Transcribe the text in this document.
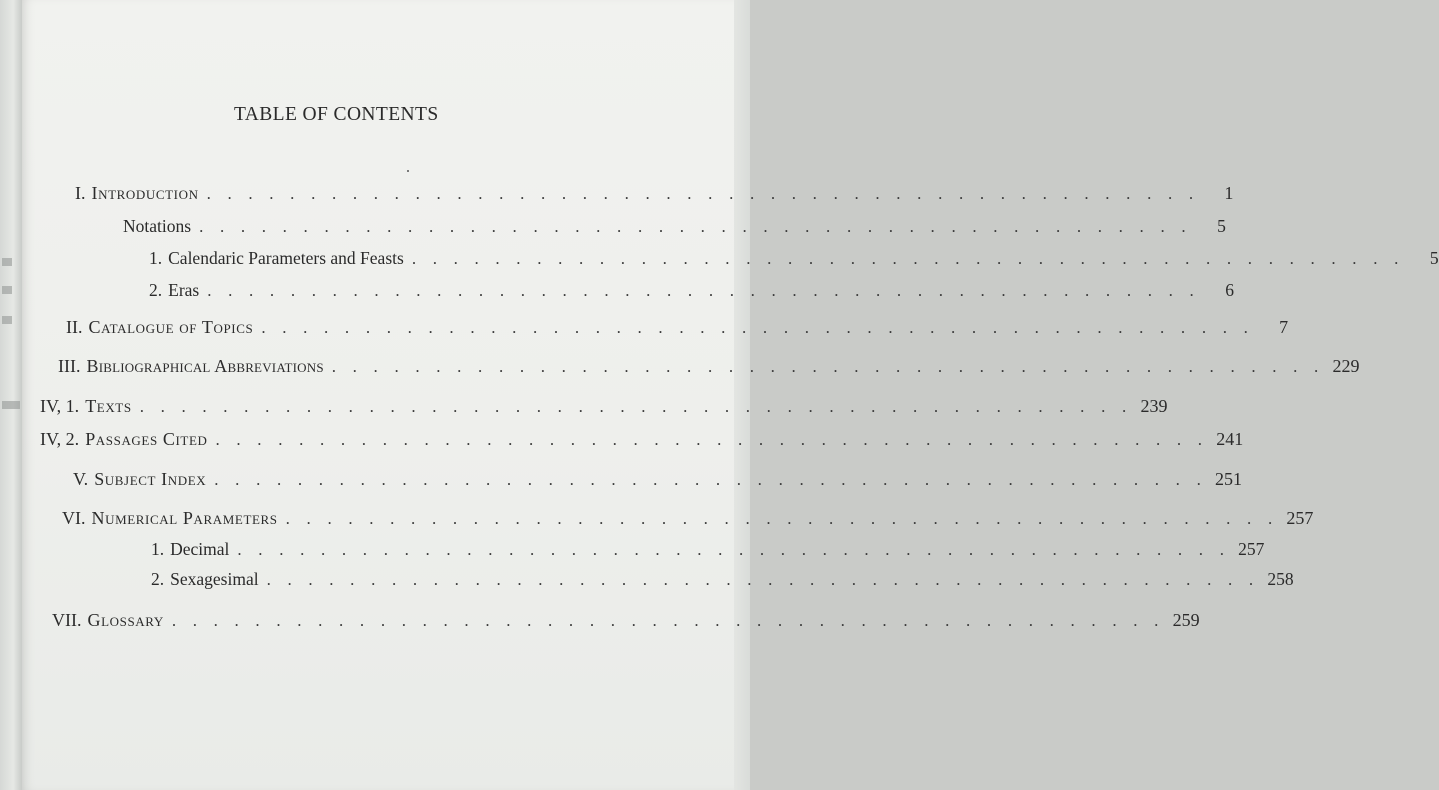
TABLE OF CONTENTS
I. Introduction . . . . . . . . . . . . . . . . . . . . . . . . . . . . . . . . . . . . . . . . . . . . . . . .	1
Notations . . . . . . . . . . . . . . . . . . . . . . . . . . . . . . . . . . . . . . . . . . . . . . . .	5
1. Calendaric Parameters and Feasts . . . . . . . . . . . . . . . . . . . . . . . . . . . . . . . . . . . . . . . . . . . . . . . .	5
2. Eras . . . . . . . . . . . . . . . . . . . . . . . . . . . . . . . . . . . . . . . . . . . . . . . .	6
II. Catalogue of Topics . . . . . . . . . . . . . . . . . . . . . . . . . . . . . . . . . . . . . . . . . . . . . . . .	7
III. Bibliographical Abbreviations . . . . . . . . . . . . . . . . . . . . . . . . . . . . . . . . . . . . . . . . . . . . . . . . 229
IV, 1. Texts . . . . . . . . . . . . . . . . . . . . . . . . . . . . . . . . . . . . . . . . . . . . . . . . 239
IV, 2. Passages Cited . . . . . . . . . . . . . . . . . . . . . . . . . . . . . . . . . . . . . . . . . . . . . . . . 241
V. Subject Index . . . . . . . . . . . . . . . . . . . . . . . . . . . . . . . . . . . . . . . . . . . . . . . . 251
VI. Numerical Parameters . . . . . . . . . . . . . . . . . . . . . . . . . . . . . . . . . . . . . . . . . . . . . . . . 257
1. Decimal . . . . . . . . . . . . . . . . . . . . . . . . . . . . . . . . . . . . . . . . . . . . . . . . 257
2. Sexagesimal . . . . . . . . . . . . . . . . . . . . . . . . . . . . . . . . . . . . . . . . . . . . . . . . 258
VII. Glossary . . . . . . . . . . . . . . . . . . . . . . . . . . . . . . . . . . . . . . . . . . . . . . . . 259
